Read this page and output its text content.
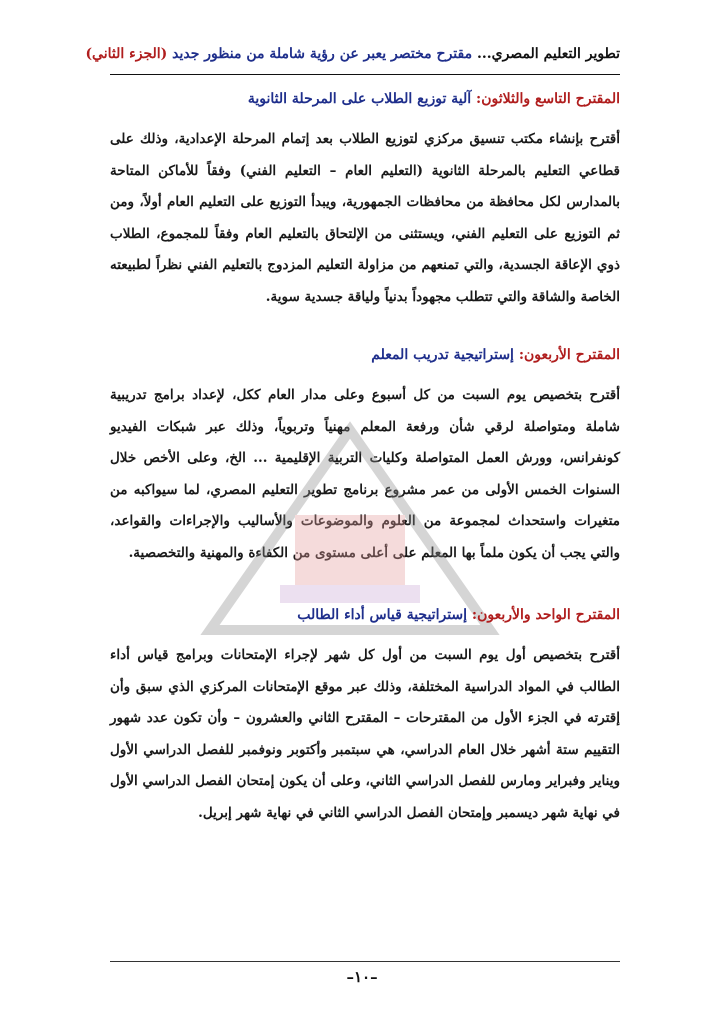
تطوير التعليم المصري... مقترح مختصر يعبر عن رؤية شاملة من منظور جديد (الجزء الثاني)

المقترح التاسع والثلاثون: آلية توزيع الطلاب على المرحلة الثانوية

أقترح بإنشاء مكتب تنسيق مركزي لتوزيع الطلاب بعد إتمام المرحلة الإعدادية، وذلك على قطاعي التعليم بالمرحلة الثانوية (التعليم العام – التعليم الفني) وفقاً للأماكن المتاحة بالمدارس لكل محافظة من محافظات الجمهورية، ويبدأ التوزيع على التعليم العام أولاً، ومن ثم التوزيع على التعليم الفني، ويستثنى من الإلتحاق بالتعليم العام وفقاً للمجموع، الطلاب ذوي الإعاقة الجسدية، والتي تمنعهم من مزاولة التعليم المزدوج بالتعليم الفني نظراً لطبيعته الخاصة والشاقة والتي تتطلب مجهوداً بدنياً ولياقة جسدية سوية.

المقترح الأربعون: إستراتيجية تدريب المعلم

أقترح بتخصيص يوم السبت من كل أسبوع وعلى مدار العام ككل، لإعداد برامج تدريبية شاملة ومتواصلة لرقي شأن ورفعة المعلم مهنياً وتربوياً، وذلك عبر شبكات الفيديو كونفرانس، وورش العمل المتواصلة وكليات التربية الإقليمية ... الخ، وعلى الأخص خلال السنوات الخمس الأولى من عمر مشروع برنامج تطوير التعليم المصري، لما سيواكبه من متغيرات واستحداث لمجموعة من العلوم والموضوعات والأساليب والإجراءات والقواعد، والتي يجب أن يكون ملماً بها المعلم على أعلى مستوى من الكفاءة والمهنية والتخصصية.

المقترح الواحد والأربعون: إستراتيجية قياس أداء الطالب

أقترح بتخصيص أول يوم السبت من أول كل شهر لإجراء الإمتحانات وبرامج قياس أداء الطالب في المواد الدراسية المختلفة، وذلك عبر موقع الإمتحانات المركزي الذي سبق وأن إقترته في الجزء الأول من المقترحات – المقترح الثاني والعشرون – وأن تكون عدد شهور التقييم ستة أشهر خلال العام الدراسي، هي سبتمبر وأكتوبر ونوفمبر للفصل الدراسي الأول ويناير وفبراير ومارس للفصل الدراسي الثاني، وعلى أن يكون إمتحان الفصل الدراسي الأول في نهاية شهر ديسمبر وإمتحان الفصل الدراسي الثاني في نهاية شهر إبريل.

–١٠–
